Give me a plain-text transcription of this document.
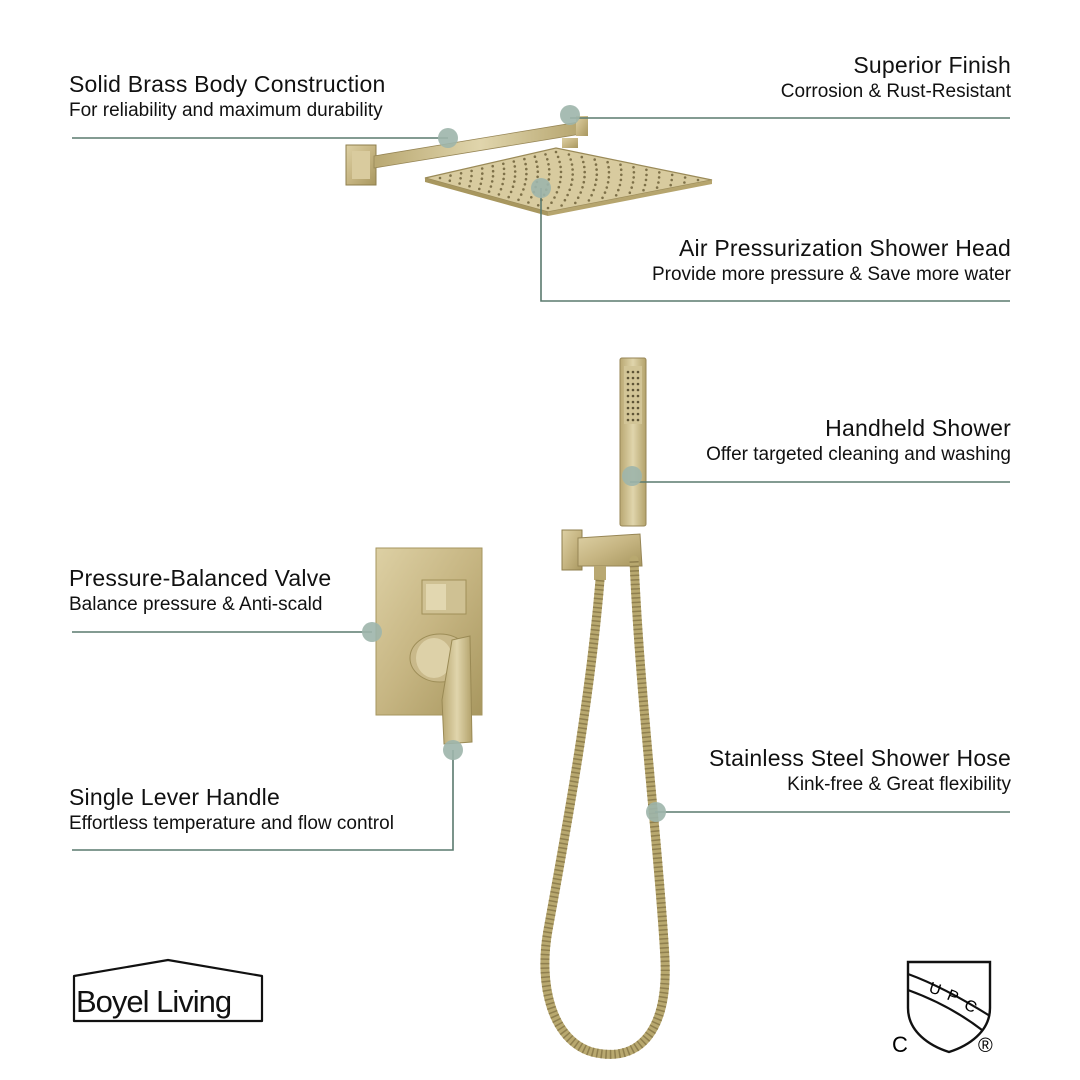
Solid Brass Body Construction
For reliability and maximum durability
Superior Finish
Corrosion & Rust-Resistant
Air Pressurization Shower Head
Provide more pressure & Save more water
Handheld Shower
Offer targeted cleaning and washing
Pressure-Balanced Valve
Balance pressure & Anti-scald
Stainless Steel Shower Hose
Kink-free & Great flexibility
Single Lever Handle
Effortless temperature and flow control
Boyel Living	U P C
C	®
